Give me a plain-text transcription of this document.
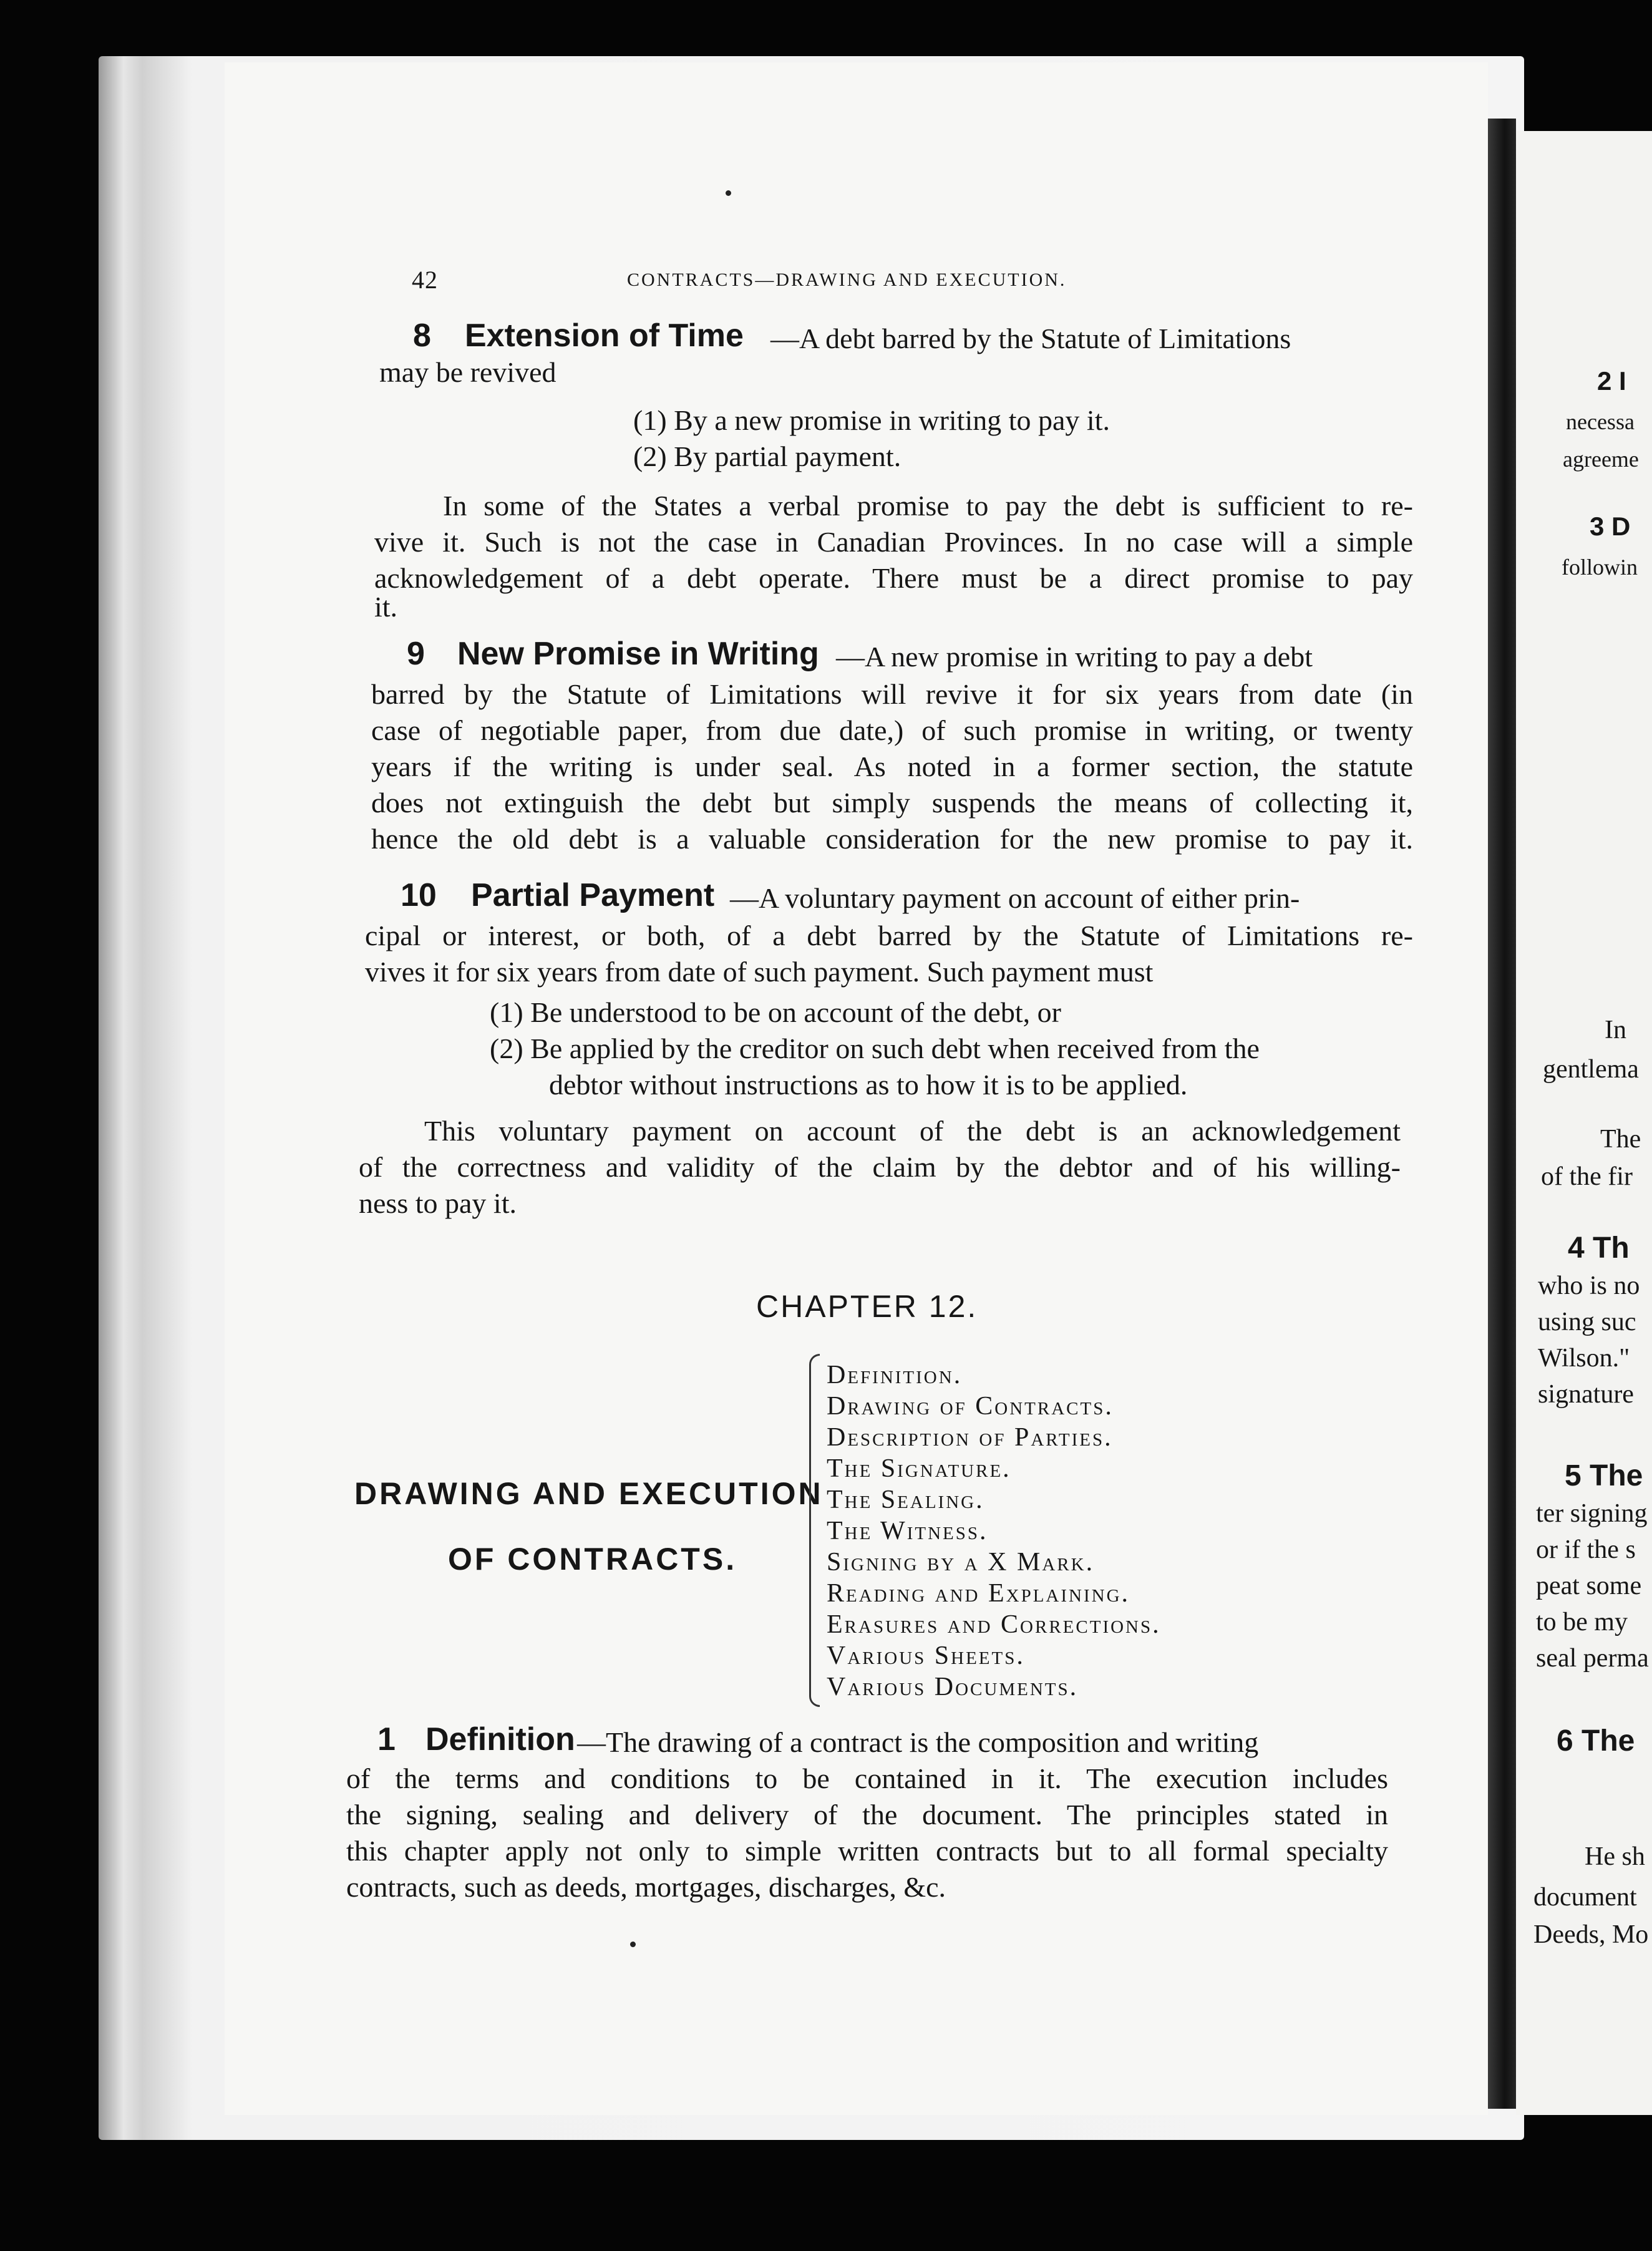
42	CONTRACTS—DRAWING AND EXECUTION.
8 Extension of Time —A debt barred by the Statute of Limitations
may be revived
(1) By a new promise in writing to pay it.
(2) By partial payment.
In some of the States a verbal promise to pay the debt is sufficient to re-
vive it. Such is not the case in Canadian Provinces. In no case will a simple
acknowledgement of a debt operate. There must be a direct promise to pay
it.
9 New Promise in Writing —A new promise in writing to pay a debt
barred by the Statute of Limitations will revive it for six years from date (in
case of negotiable paper, from due date,) of such promise in writing, or twenty
years if the writing is under seal. As noted in a former section, the statute
does not extinguish the debt but simply suspends the means of collecting it,
hence the old debt is a valuable consideration for the new promise to pay it.
10 Partial Payment —A voluntary payment on account of either prin-
cipal or interest, or both, of a debt barred by the Statute of Limitations re-
vives it for six years from date of such payment. Such payment must
(1) Be understood to be on account of the debt, or
(2) Be applied by the creditor on such debt when received from the
debtor without instructions as to how it is to be applied.
This voluntary payment on account of the debt is an acknowledgement
of the correctness and validity of the claim by the debtor and of his willing-
ness to pay it.
CHAPTER 12.
DRAWING AND EXECUTION
OF CONTRACTS.
Definition.
Drawing of Contracts.
Description of Parties.
The Signature.
The Sealing.
The Witness.
Signing by a X Mark.
Reading and Explaining.
Erasures and Corrections.
Various Sheets.
Various Documents.
1 Definition —The drawing of a contract is the composition and writing
of the terms and conditions to be contained in it. The execution includes
the signing, sealing and delivery of the document. The principles stated in
this chapter apply not only to simple written contracts but to all formal specialty
contracts, such as deeds, mortgages, discharges, &c.
2 I
necessa
agreeme
3 D
followin
In
gentlema
The
of the fir
4 Th
who is no
using suc
Wilson."
signature
5 The
ter signing
or if the s
peat some
to be my
seal perma
6 The
He sh
document
Deeds, Mo
